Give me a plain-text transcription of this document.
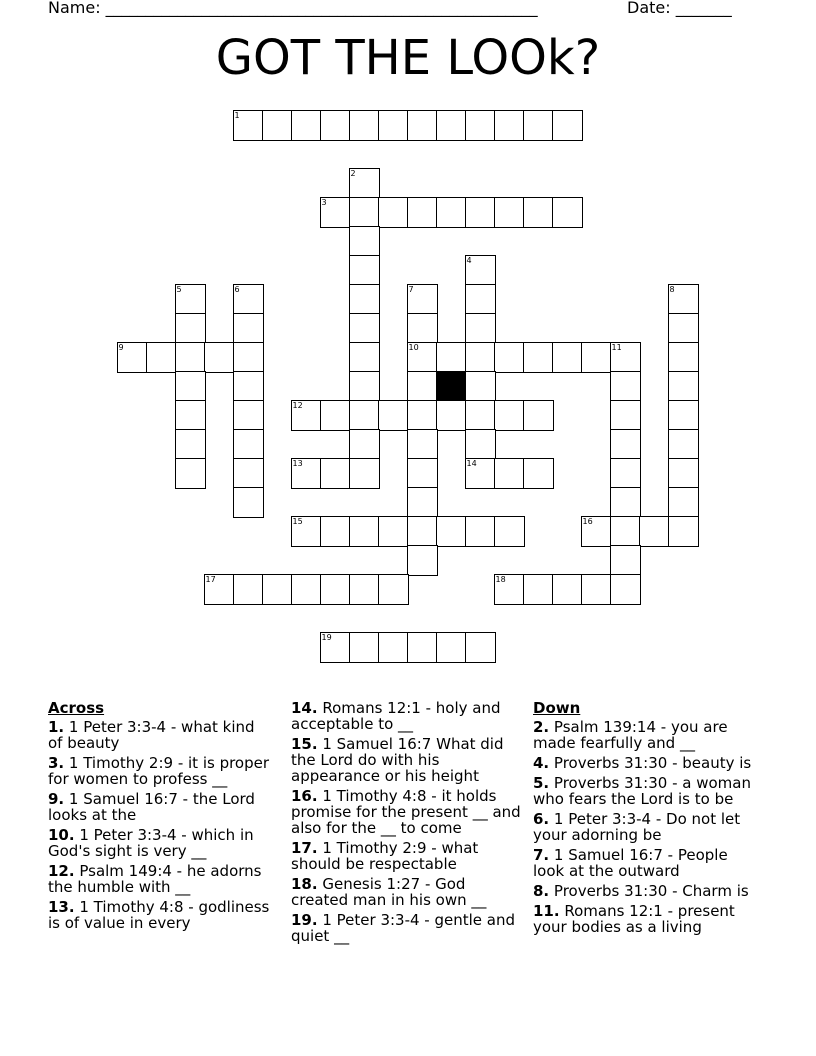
Name: ______________________________________________________	Date: _______
GOT THE LOOk?
1
2
3
4
5	6	7	8
9	10	11
12
13	14
15	16
17	18
19
Across
1. 1 Peter 3:3-4 - what kind of beauty
3. 1 Timothy 2:9 - it is proper for women to profess __
9. 1 Samuel 16:7 - the Lord looks at the
10. 1 Peter 3:3-4 - which in God's sight is very __
12. Psalm 149:4 - he adorns the humble with __
13. 1 Timothy 4:8 - godliness is of value in every
14. Romans 12:1 - holy and acceptable to __
15. 1 Samuel 16:7 What did the Lord do with his appearance or his height
16. 1 Timothy 4:8 - it holds promise for the present __ and also for the __ to come
17. 1 Timothy 2:9 - what should be respectable
18. Genesis 1:27 - God created man in his own __
19. 1 Peter 3:3-4 - gentle and quiet __
Down
2. Psalm 139:14 - you are made fearfully and __
4. Proverbs 31:30 - beauty is
5. Proverbs 31:30 - a woman who fears the Lord is to be
6. 1 Peter 3:3-4 - Do not let your adorning be
7. 1 Samuel 16:7 - People look at the outward
8. Proverbs 31:30 - Charm is
11. Romans 12:1 - present your bodies as a living
